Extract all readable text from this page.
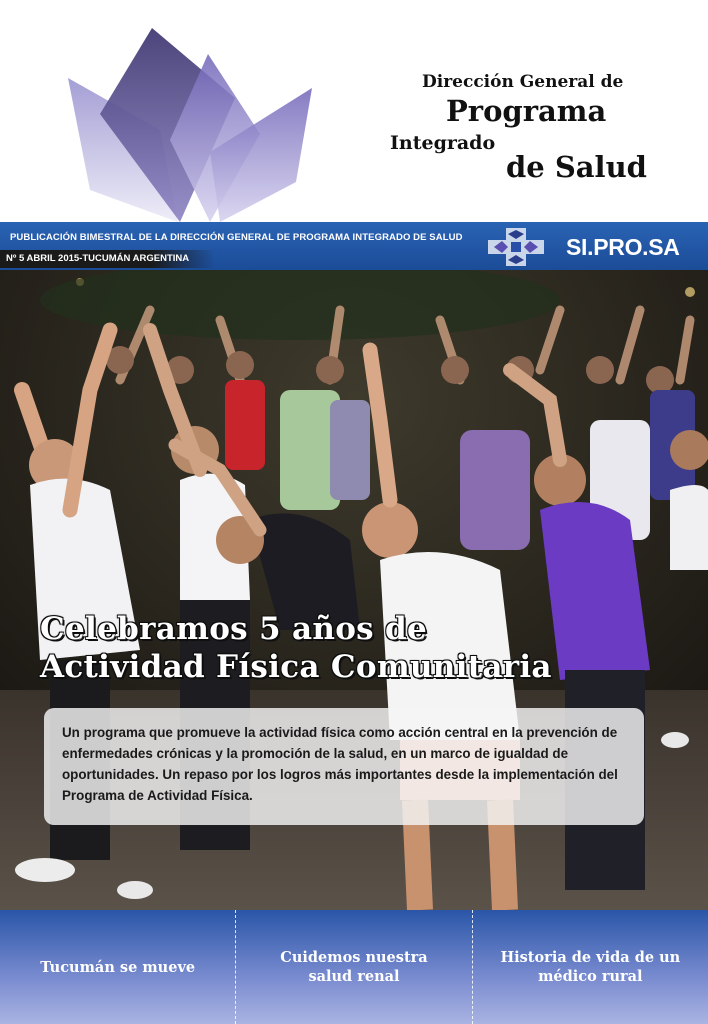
Dirección General de
Programa
Integrado
de Salud
PUBLICACIÓN BIMESTRAL DE LA DIRECCIÓN GENERAL DE PROGRAMA INTEGRADO DE SALUD
Nº 5 ABRIL 2015-TUCUMÁN ARGENTINA	SI.PRO.SA
Celebramos 5 años de
Actividad Física Comunitaria

Un programa que promueve la actividad física como acción central en la prevención de enfermedades crónicas y la promoción de la salud, en un marco de igualdad de oportunidades. Un repaso por los logros más importantes desde la implementación del Programa de Actividad Física.

Tucumán se mueve
Cuidemos nuestra
salud renal
Historia de vida de un
médico rural
